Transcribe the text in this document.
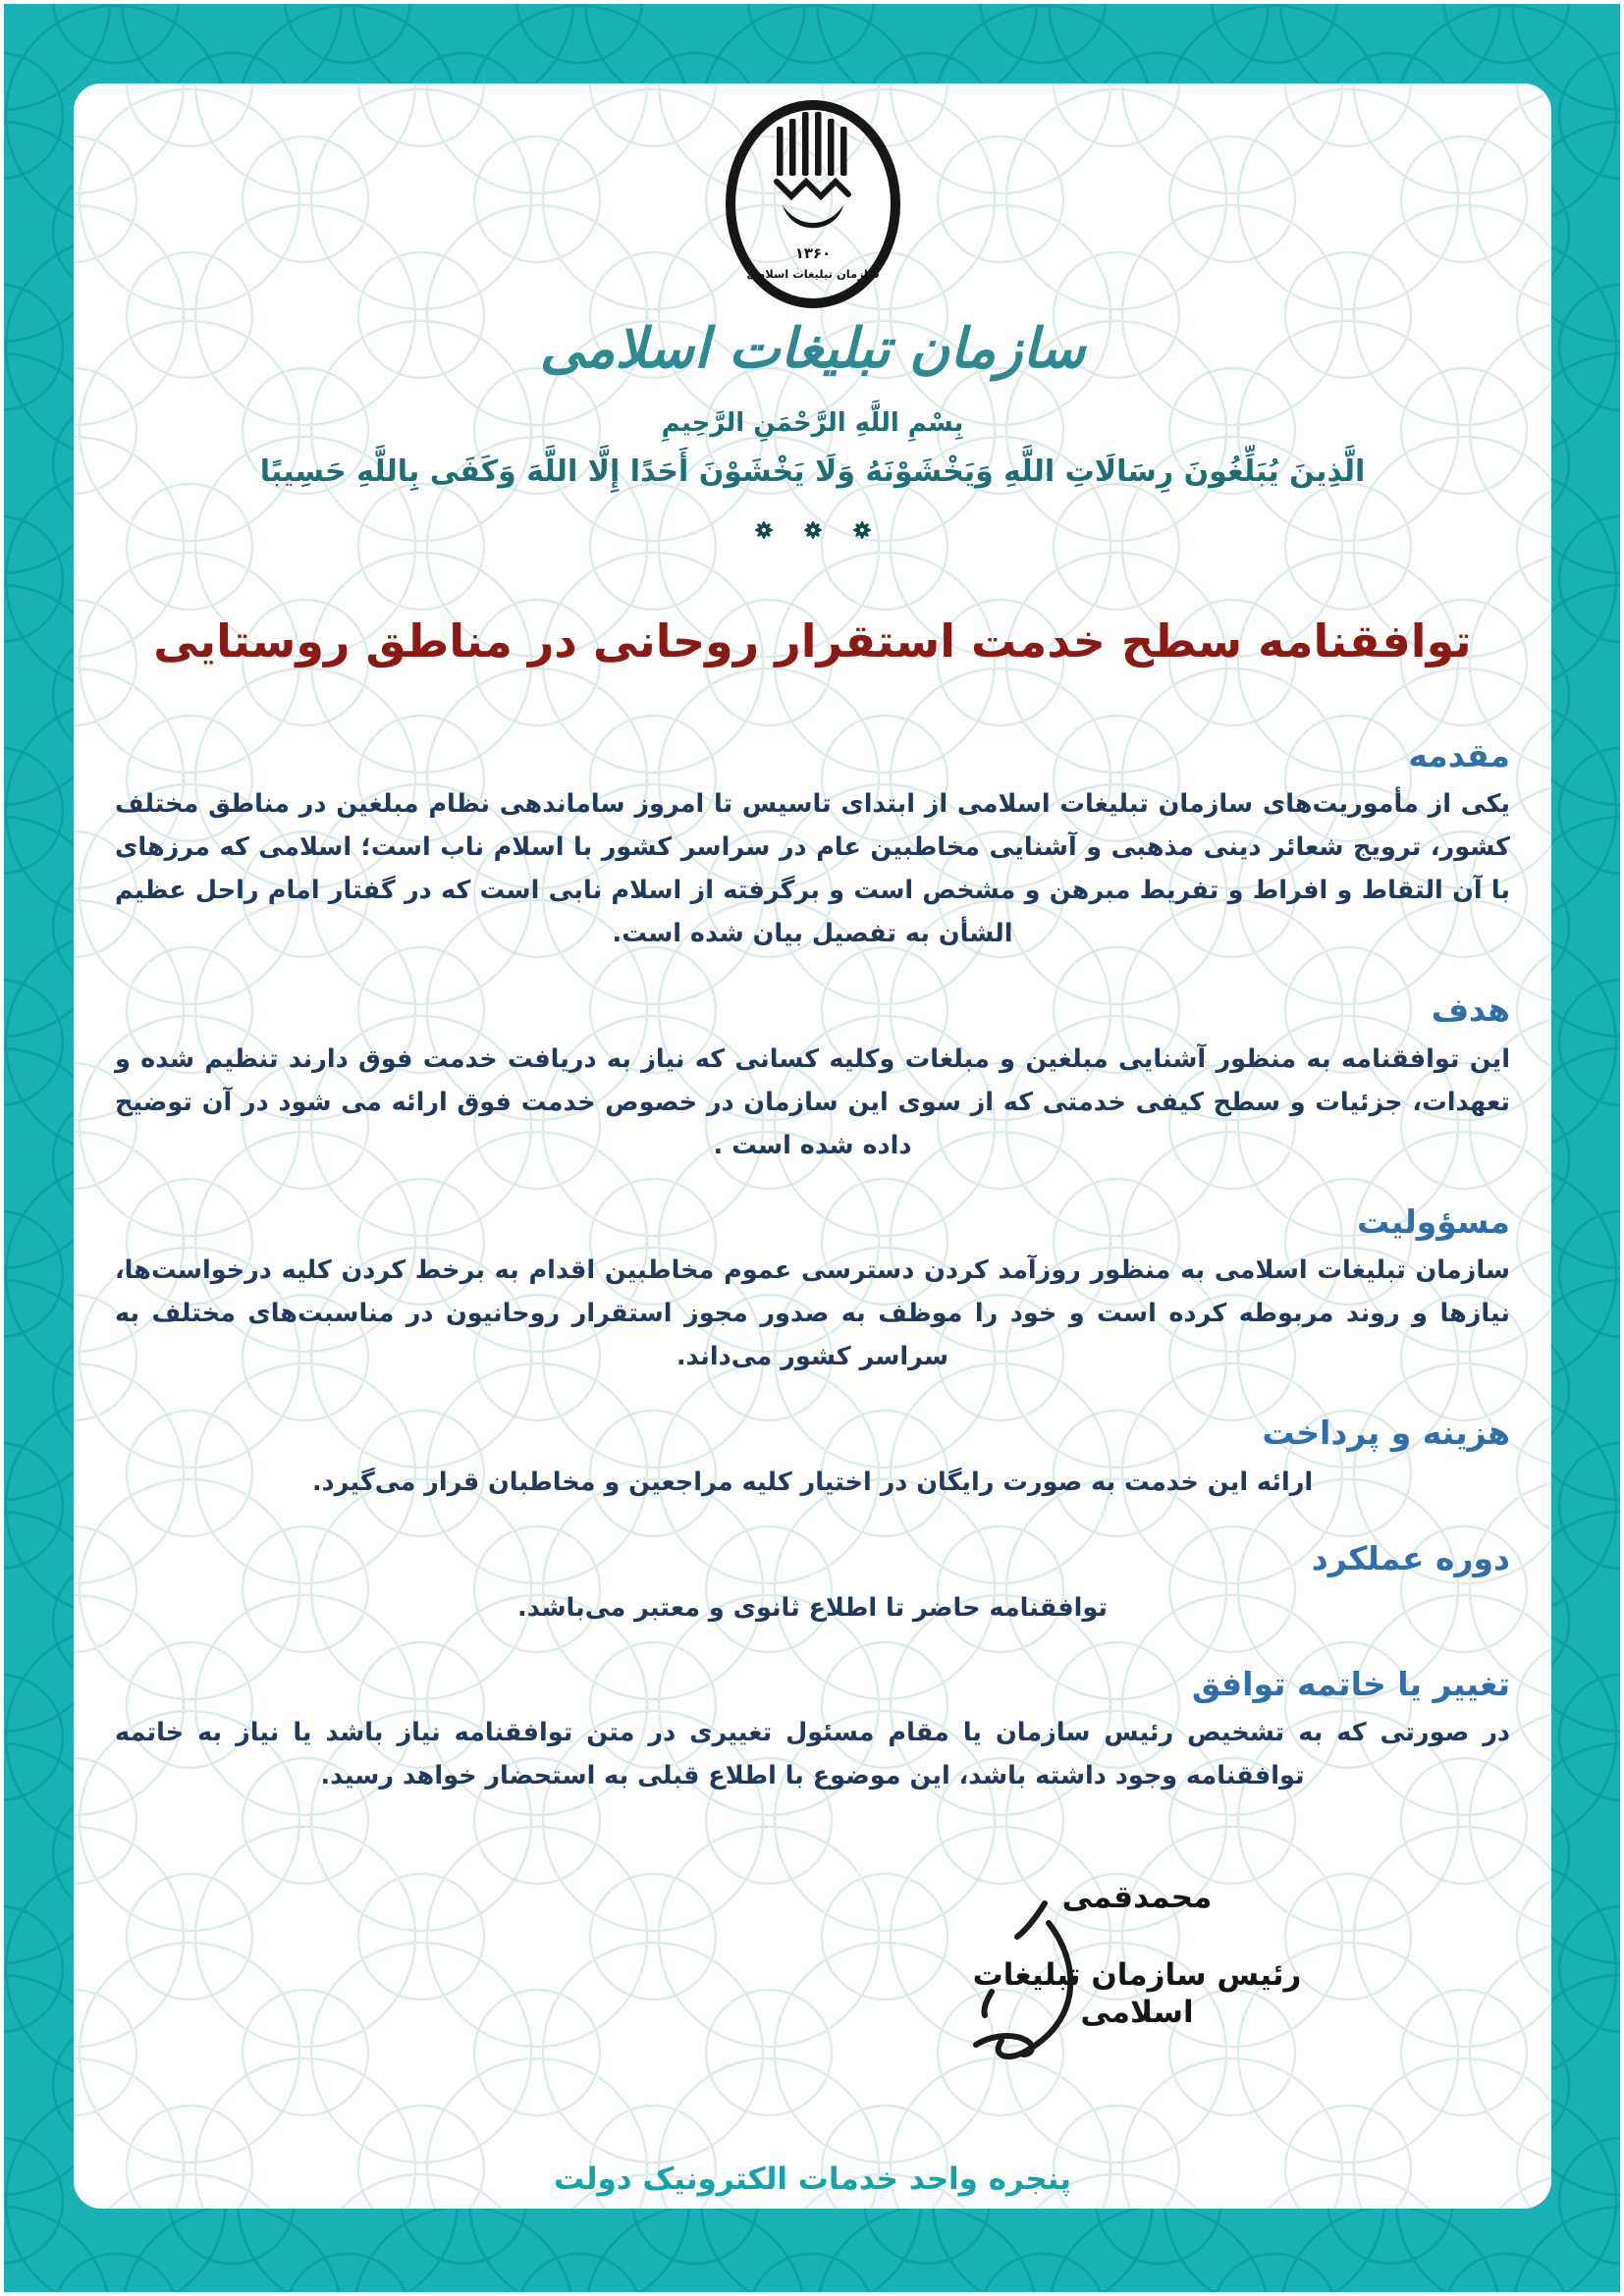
۱۳۶۰
سازمان تبلیغات اسلامی
سازمان تبلیغات اسلامی
بِسْمِ اللَّهِ الرَّحْمَنِ الرَّحِيمِ
الَّذِينَ يُبَلِّغُونَ رِسَالَاتِ اللَّهِ وَيَخْشَوْنَهُ وَلَا يَخْشَوْنَ أَحَدًا إِلَّا اللَّهَ وَكَفَى بِاللَّهِ حَسِيبًا
توافقنامه سطح خدمت استقرار روحانی در مناطق روستایی
مقدمه

یکی از مأموریت‌های سازمان تبلیغات اسلامی از ابتدای تاسیس تا امروز ساماندهی نظام مبلغین در مناطق مختلف کشور، ترویج شعائر دینی مذهبی و آشنایی مخاطبین عام در سراسر کشور با اسلام ناب است؛ اسلامی که مرزهای با آن التقاط و افراط و تفریط مبرهن و مشخص است و برگرفته از اسلام نابی است که در گفتار امام راحل عظیم الشأن به تفصیل بیان شده است.

هدف

این توافقنامه به منظور آشنایی مبلغین و مبلغات وکلیه کسانی که نیاز به دریافت خدمت فوق دارند تنظیم شده و تعهدات، جزئیات و سطح کیفی خدمتی که از سوی این سازمان در خصوص خدمت فوق ارائه می شود در آن توضیح داده شده است .

مسؤولیت

سازمان تبلیغات اسلامی به منظور روزآمد کردن دسترسی عموم مخاطبین اقدام به برخط کردن کلیه درخواست‌ها، نیازها و روند مربوطه کرده است و خود را موظف به صدور مجوز استقرار روحانیون در مناسبت‌های مختلف به سراسر کشور می‌داند.

هزینه و پرداخت

ارائه این خدمت به صورت رایگان در اختیار کلیه مراجعین و مخاطبان قرار می‌گیرد.

دوره عملکرد

توافقنامه حاضر تا اطلاع ثانوی و معتبر می‌باشد.

تغییر یا خاتمه توافق

در صورتی که به تشخیص رئیس سازمان یا مقام مسئول تغییری در متن توافقنامه نیاز باشد یا نیاز به خاتمه توافقنامه وجود داشته باشد، این موضوع با اطلاع قبلی به استحضار خواهد رسید.

محمدقمی
رئیس سازمان تبلیغات اسلامی
پنجره واحد خدمات الکترونیک دولت
